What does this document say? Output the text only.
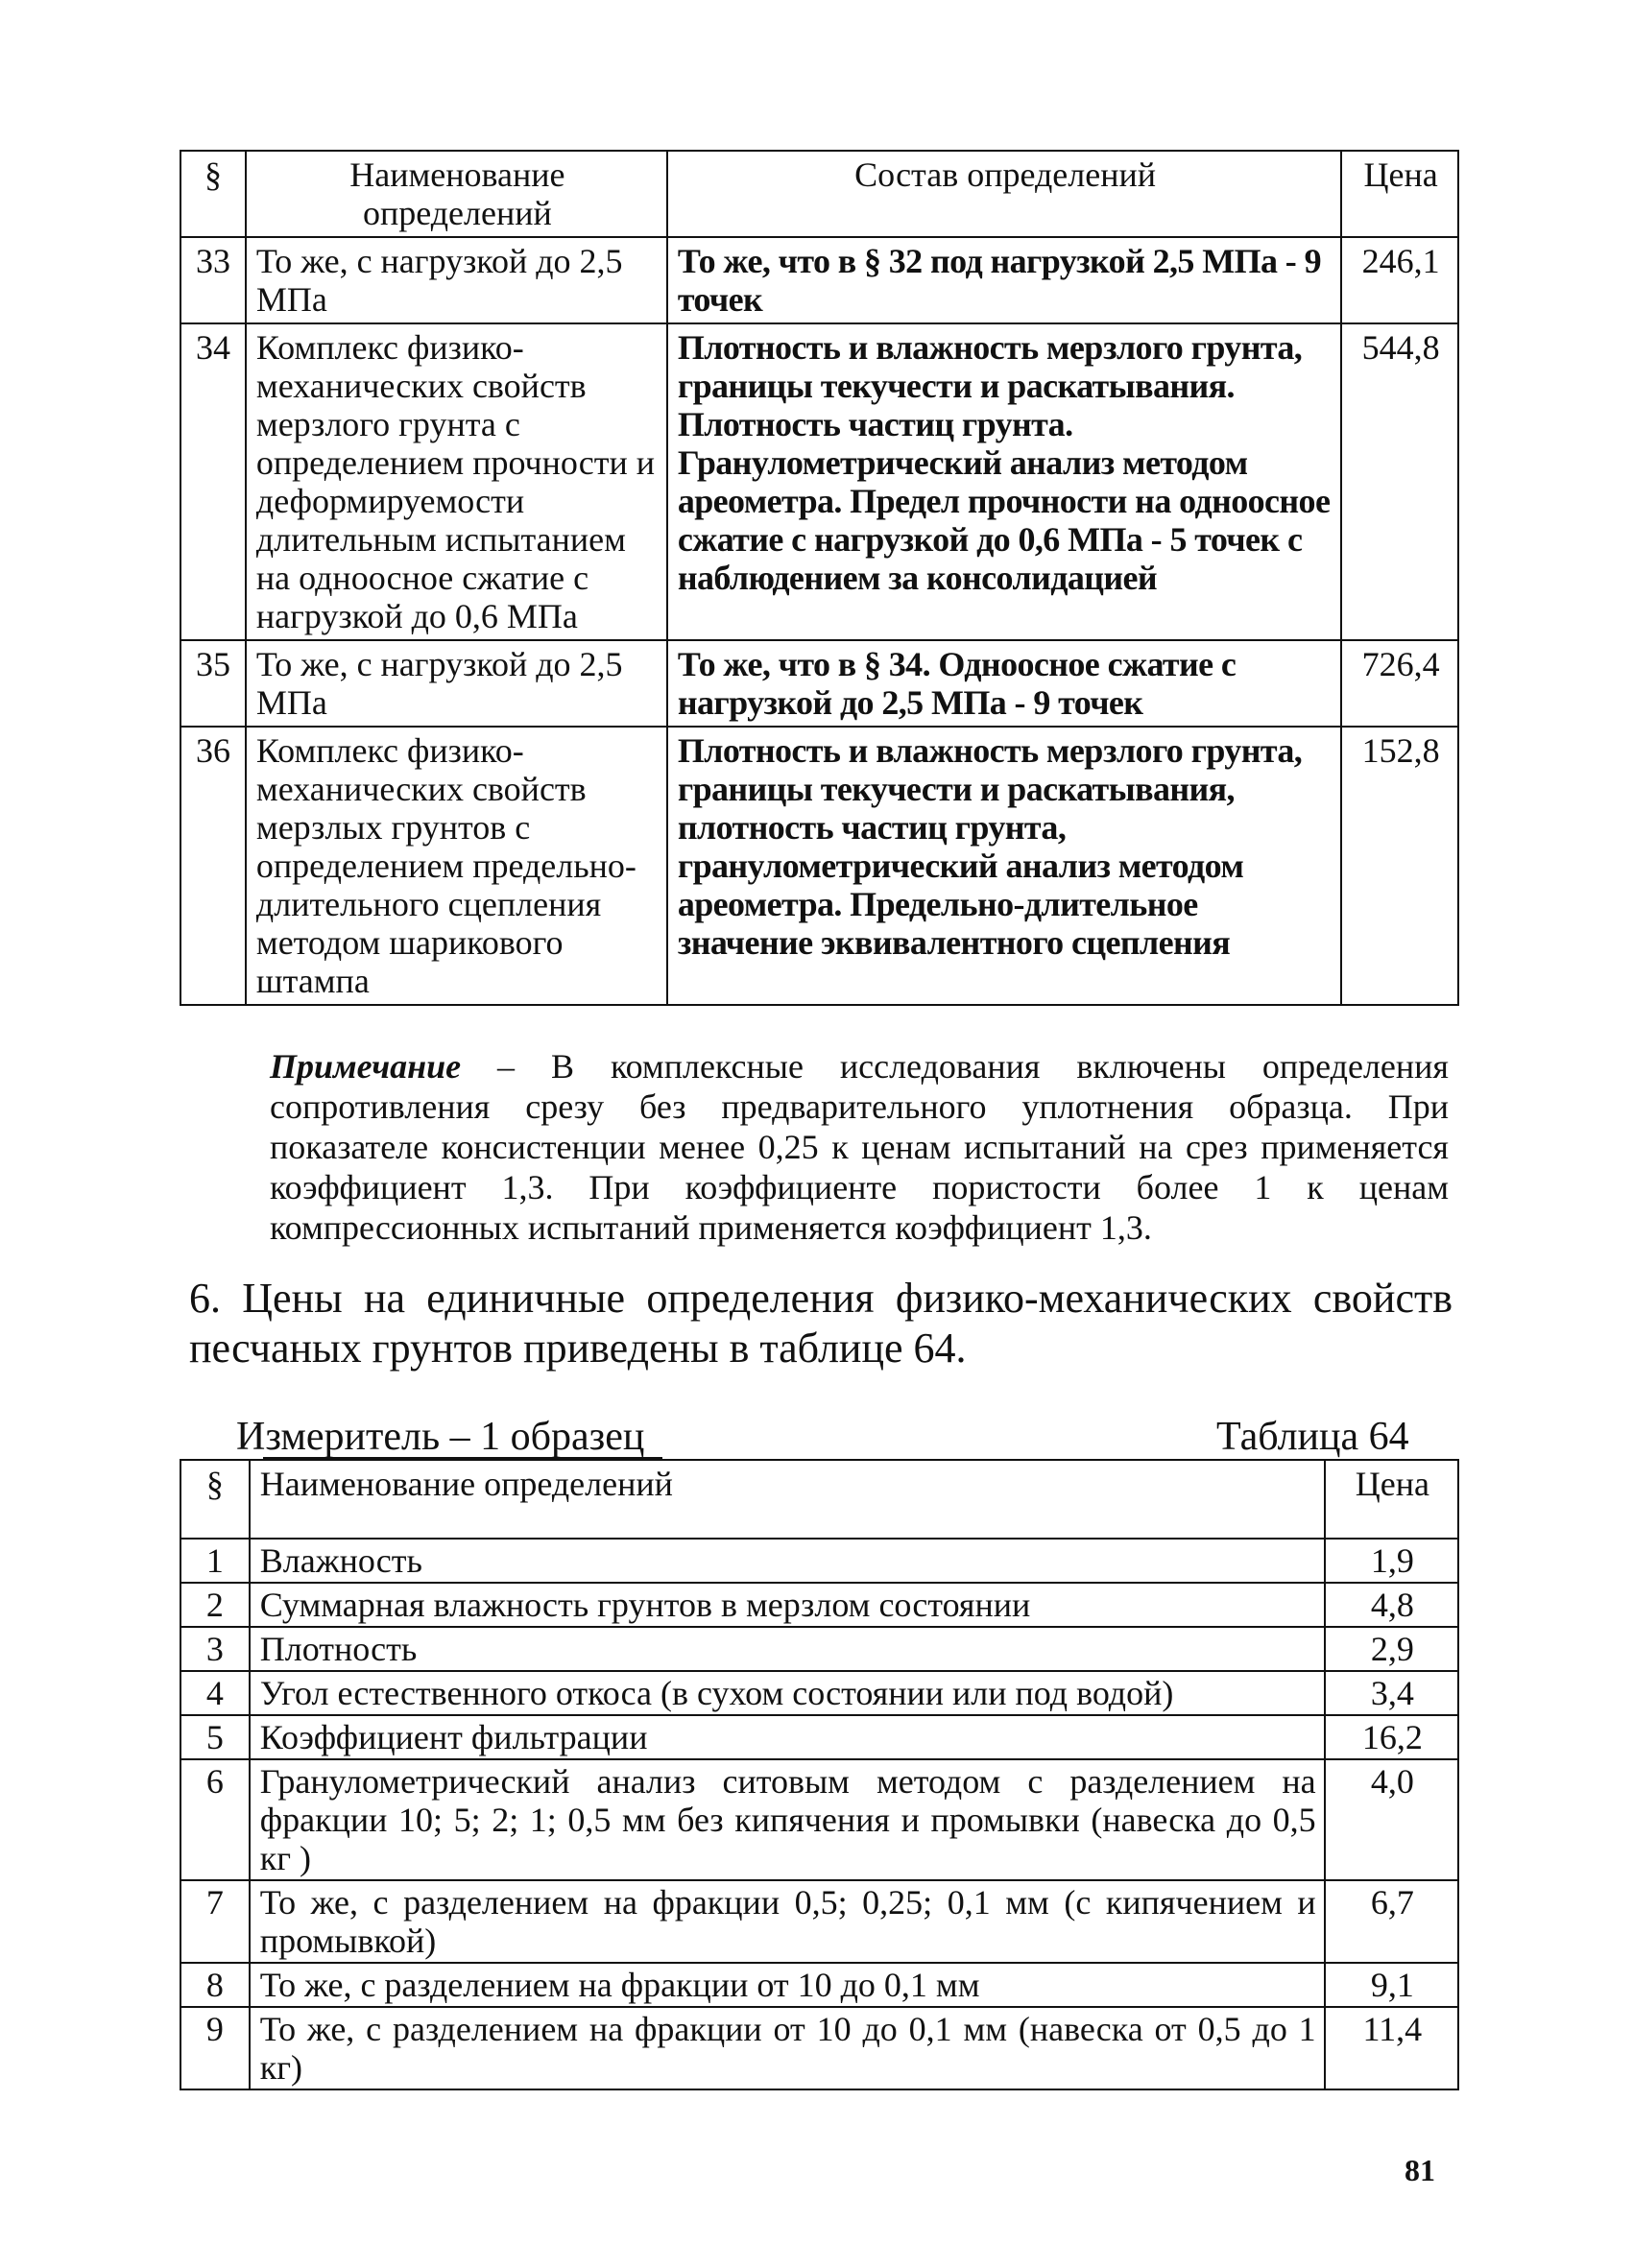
§	Наименование определений	Состав определений	Цена
33	То же, с нагрузкой до 2,5 МПа	То же, что в § 32 под нагрузкой 2,5 МПа - 9 точек	246,1
34	Комплекс физико-механических свойств мерзлого грунта с определением прочности и деформируемости длительным испытанием на одноосное сжатие с нагрузкой до 0,6 МПа	Плотность и влажность мерзлого грунта, границы текучести и раскатывания. Плотность частиц грунта. Гранулометрический анализ методом ареометра. Предел прочности на одноосное сжатие с нагрузкой до 0,6 МПа - 5 точек с наблюдением за консолидацией	544,8
35	То же, с нагрузкой до 2,5 МПа	То же, что в § 34. Одноосное сжатие с нагрузкой до 2,5 МПа - 9 точек	726,4
36	Комплекс физико-механических свойств мерзлых грунтов с определением предельно-длительного сцепления методом шарикового штампа	Плотность и влажность мерзлого грунта, границы текучести и раскатывания, плотность частиц грунта, гранулометрический анализ методом ареометра. Предельно-длительное значение эквивалентного сцепления	152,8
Примечание – В комплексные исследования включены определения сопротивления срезу без предварительного уплотнения образца. При показателе консистенции менее 0,25 к ценам испытаний на срез применяется коэффициент 1,3. При коэффициенте пористости более 1 к ценам компрессионных испытаний применяется коэффициент 1,3.
6. Цены на единичные определения физико-механических свойств песчаных грунтов приведены в таблице 64.
Измеритель – 1 образец	Таблица 64
§	Наименование определений	Цена
1	Влажность	1,9
2	Суммарная влажность грунтов в мерзлом состоянии	4,8
3	Плотность	2,9
4	Угол естественного откоса (в сухом состоянии или под водой)	3,4
5	Коэффициент фильтрации	16,2
6	Гранулометрический анализ ситовым методом с разделением на фракции 10; 5; 2; 1; 0,5 мм без кипячения и промывки (навеска до 0,5 кг )	4,0
7	То же, с разделением на фракции 0,5; 0,25; 0,1 мм (с кипячением и промывкой)	6,7
8	То же, с разделением на фракции от 10 до 0,1 мм	9,1
9	То же, с разделением на фракции от 10 до 0,1 мм (навеска от 0,5 до 1 кг)	11,4
81
